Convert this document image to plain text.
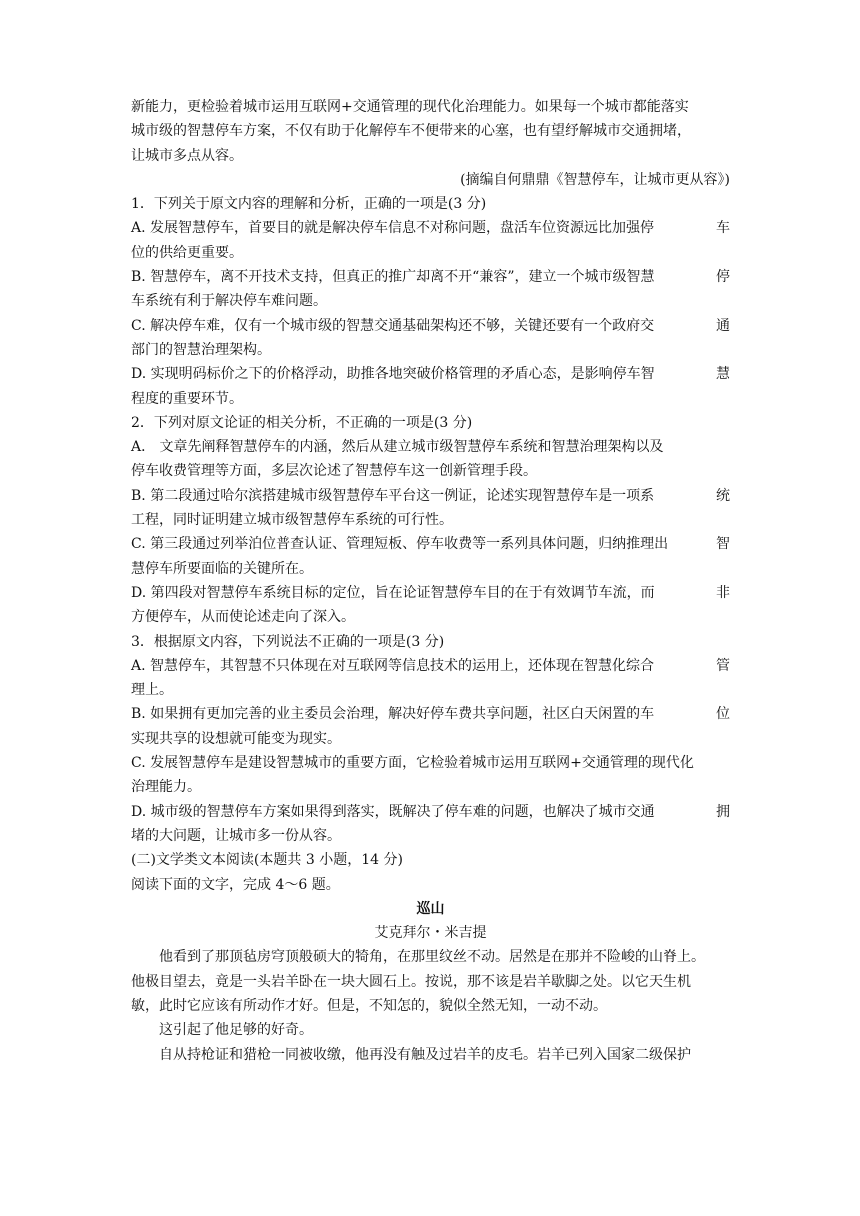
新能力，更检验着城市运用互联网+交通管理的现代化治理能力。如果每一个城市都能落实

城市级的智慧停车方案，不仅有助于化解停车不便带来的心塞，也有望纾解城市交通拥堵，

让城市多点从容。

(摘编自何鼎鼎《智慧停车，让城市更从容》)

1．下列关于原文内容的理解和分析，正确的一项是(3 分)

A. 发展智慧停车，首要目的就是解决停车信息不对称问题，盘活车位资源远比加强停	车

位的供给更重要。

B. 智慧停车，离不开技术支持，但真正的推广却离不开“兼容”，建立一个城市级智慧	停

车系统有利于解决停车难问题。

C. 解决停车难，仅有一个城市级的智慧交通基础架构还不够，关键还要有一个政府交	通

部门的智慧治理架构。

D. 实现明码标价之下的价格浮动，助推各地突破价格管理的矛盾心态，是影响停车智	慧

程度的重要环节。

2．下列对原文论证的相关分析，不正确的一项是(3 分)

A． 文章先阐释智慧停车的内涵，然后从建立城市级智慧停车系统和智慧治理架构以及

停车收费管理等方面，多层次论述了智慧停车这一创新管理手段。

B. 第二段通过哈尔滨搭建城市级智慧停车平台这一例证，论述实现智慧停车是一项系	统

工程，同时证明建立城市级智慧停车系统的可行性。

C. 第三段通过列举泊位普查认证、管理短板、停车收费等一系列具体问题，归纳推理出	智

慧停车所要面临的关键所在。

D. 第四段对智慧停车系统目标的定位，旨在论证智慧停车目的在于有效调节车流，而	非

方便停车，从而使论述走向了深入。

3．根据原文内容，下列说法不正确的一项是(3 分)

A. 智慧停车，其智慧不只体现在对互联网等信息技术的运用上，还体现在智慧化综合	管

理上。

B. 如果拥有更加完善的业主委员会治理，解决好停车费共享问题，社区白天闲置的车	位

实现共享的设想就可能变为现实。

C. 发展智慧停车是建设智慧城市的重要方面，它检验着城市运用互联网+交通管理的现代化

治理能力。

D. 城市级的智慧停车方案如果得到落实，既解决了停车难的问题，也解决了城市交通	拥

堵的大问题，让城市多一份从容。

(二)文学类文本阅读(本题共 3 小题，14 分)

阅读下面的文字，完成 4～6 题。

巡山

艾克拜尔・米吉提

他看到了那顶毡房穹顶般硕大的犄角，在那里纹丝不动。居然是在那并不险峻的山脊上。

他极目望去，竟是一头岩羊卧在一块大圆石上。按说，那不该是岩羊歇脚之处。以它天生机

敏，此时它应该有所动作才好。但是，不知怎的，貌似全然无知，一动不动。

这引起了他足够的好奇。

自从持枪证和猎枪一同被收缴，他再没有触及过岩羊的皮毛。岩羊已列入国家二级保护
